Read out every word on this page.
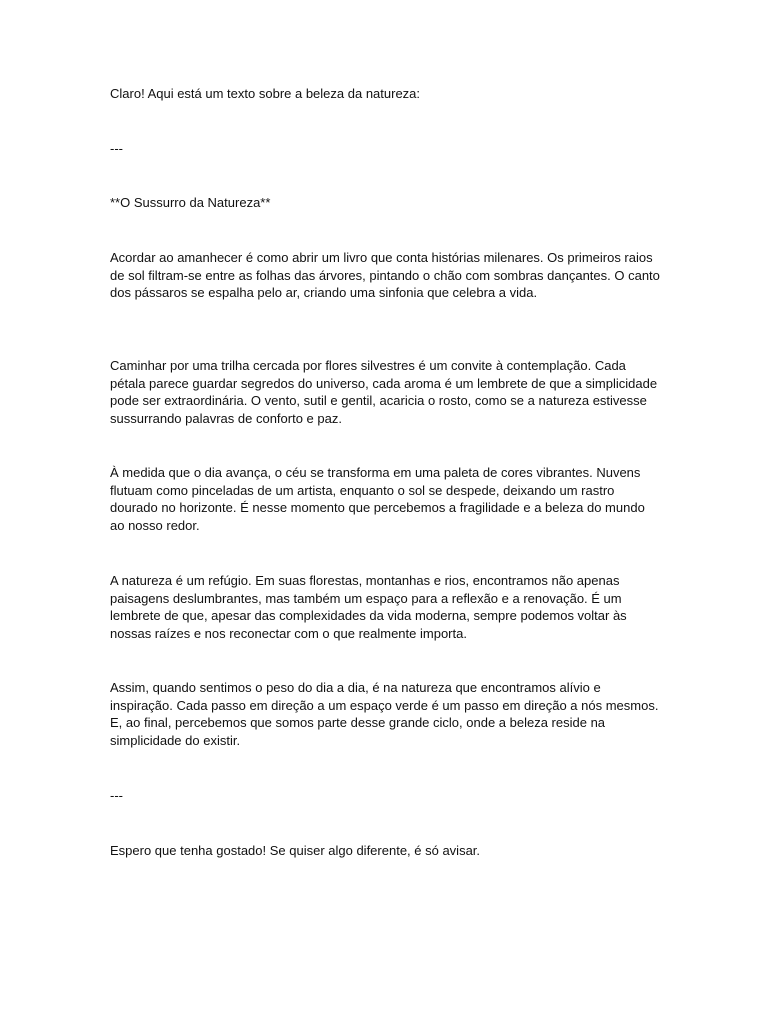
Claro! Aqui está um texto sobre a beleza da natureza:

---

**O Sussurro da Natureza**

Acordar ao amanhecer é como abrir um livro que conta histórias milenares. Os primeiros raios de sol filtram-se entre as folhas das árvores, pintando o chão com sombras dançantes. O canto dos pássaros se espalha pelo ar, criando uma sinfonia que celebra a vida.

Caminhar por uma trilha cercada por flores silvestres é um convite à contemplação. Cada pétala parece guardar segredos do universo, cada aroma é um lembrete de que a simplicidade pode ser extraordinária. O vento, sutil e gentil, acaricia o rosto, como se a natureza estivesse sussurrando palavras de conforto e paz.

À medida que o dia avança, o céu se transforma em uma paleta de cores vibrantes. Nuvens flutuam como pinceladas de um artista, enquanto o sol se despede, deixando um rastro dourado no horizonte. É nesse momento que percebemos a fragilidade e a beleza do mundo ao nosso redor.

A natureza é um refúgio. Em suas florestas, montanhas e rios, encontramos não apenas paisagens deslumbrantes, mas também um espaço para a reflexão e a renovação. É um lembrete de que, apesar das complexidades da vida moderna, sempre podemos voltar às nossas raízes e nos reconectar com o que realmente importa.

Assim, quando sentimos o peso do dia a dia, é na natureza que encontramos alívio e inspiração. Cada passo em direção a um espaço verde é um passo em direção a nós mesmos. E, ao final, percebemos que somos parte desse grande ciclo, onde a beleza reside na simplicidade do existir.

---

Espero que tenha gostado! Se quiser algo diferente, é só avisar.
